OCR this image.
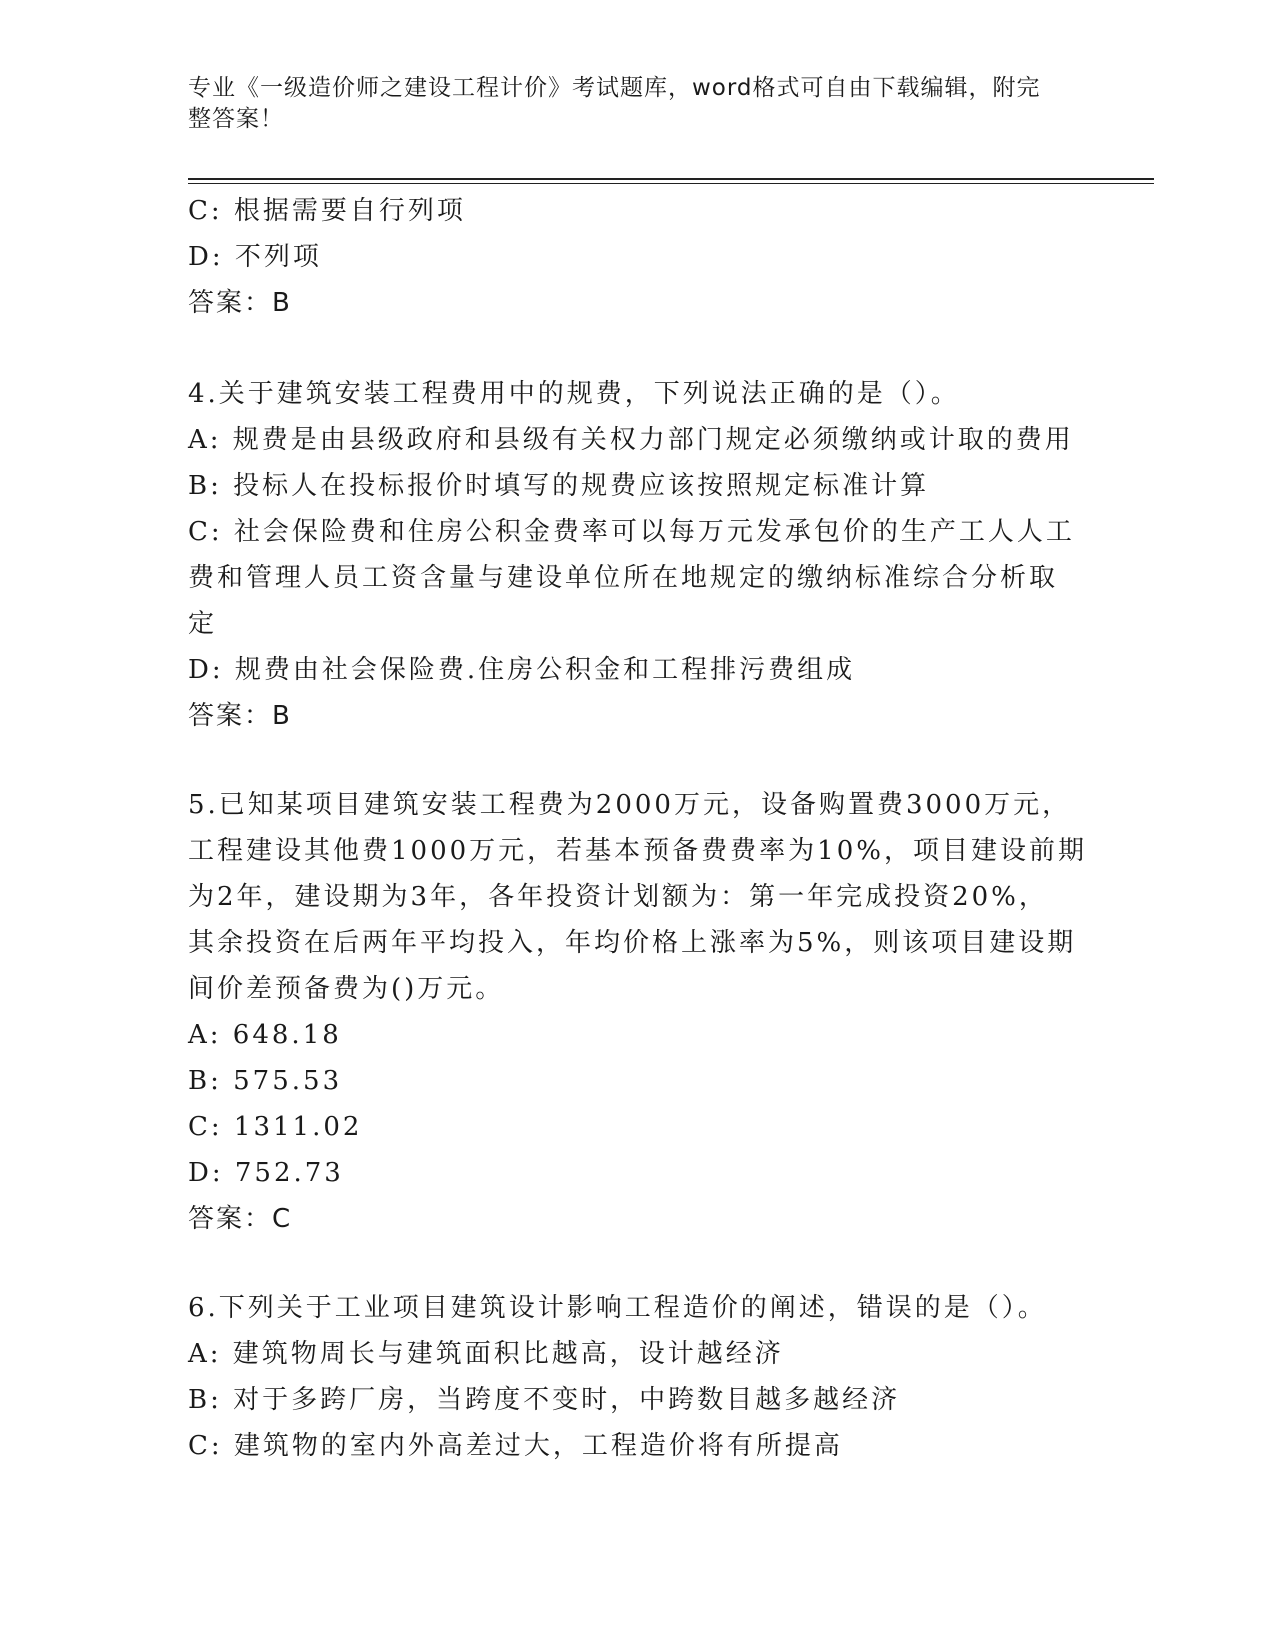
专业《一级造价师之建设工程计价》考试题库，word格式可自由下载编辑，附完
整答案！
C: 根据需要自行列项
D: 不列项
答案：B
4.关于建筑安装工程费用中的规费，下列说法正确的是（）。
A: 规费是由县级政府和县级有关权力部门规定必须缴纳或计取的费用
B: 投标人在投标报价时填写的规费应该按照规定标准计算
C: 社会保险费和住房公积金费率可以每万元发承包价的生产工人人工
费和管理人员工资含量与建设单位所在地规定的缴纳标准综合分析取
定
D: 规费由社会保险费.住房公积金和工程排污费组成
答案：B
5.已知某项目建筑安装工程费为2000万元，设备购置费3000万元，
工程建设其他费1000万元，若基本预备费费率为10%，项目建设前期
为2年，建设期为3年，各年投资计划额为：第一年完成投资20%，
其余投资在后两年平均投入，年均价格上涨率为5%，则该项目建设期
间价差预备费为()万元。
A: 648.18
B: 575.53
C: 1311.02
D: 752.73
答案：C
6.下列关于工业项目建筑设计影响工程造价的阐述，错误的是（）。
A: 建筑物周长与建筑面积比越高，设计越经济
B: 对于多跨厂房，当跨度不变时，中跨数目越多越经济
C: 建筑物的室内外高差过大，工程造价将有所提高
